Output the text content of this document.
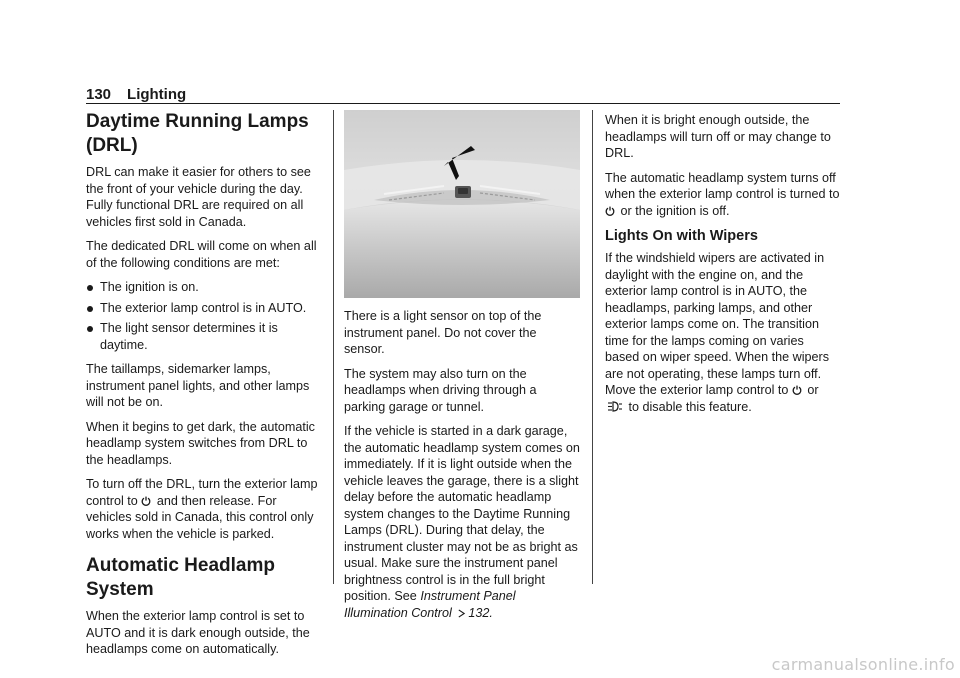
130 Lighting
Daytime Running Lamps (DRL)

DRL can make it easier for others to see the front of your vehicle during the day. Fully functional DRL are required on all vehicles first sold in Canada.

The dedicated DRL will come on when all of the following conditions are met:

The ignition is on.
The exterior lamp control is in AUTO.
The light sensor determines it is daytime.

The taillamps, sidemarker lamps, instrument panel lights, and other lamps will not be on.

When it begins to get dark, the automatic headlamp system switches from DRL to the headlamps.

To turn off the DRL, turn the exterior lamp control to and then release. For vehicles sold in Canada, this control only works when the vehicle is parked.

Automatic Headlamp System

When the exterior lamp control is set to AUTO and it is dark enough outside, the headlamps come on automatically.

There is a light sensor on top of the instrument panel. Do not cover the sensor.

The system may also turn on the headlamps when driving through a parking garage or tunnel.

If the vehicle is started in a dark garage, the automatic headlamp system comes on immediately. If it is light outside when the vehicle leaves the garage, there is a slight delay before the automatic headlamp system changes to the Daytime Running Lamps (DRL). During that delay, the instrument cluster may not be as bright as usual. Make sure the instrument panel brightness control is in the full bright position. See Instrument Panel Illumination Control 132.

When it is bright enough outside, the headlamps will turn off or may change to DRL.

The automatic headlamp system turns off when the exterior lamp control is turned to  or the ignition is off.

Lights On with Wipers

If the windshield wipers are activated in daylight with the engine on, and the exterior lamp control is in AUTO, the headlamps, parking lamps, and other exterior lamps come on. The transition time for the lamps coming on varies based on wiper speed. When the wipers are not operating, these lamps turn off. Move the exterior lamp control to or  to disable this feature.

carmanualsonline.info
